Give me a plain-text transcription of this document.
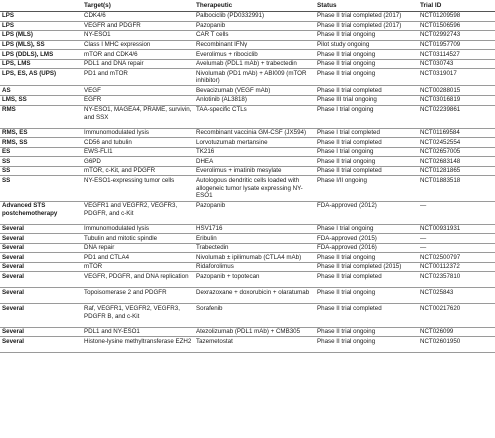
	Target(s)	Therapeutic	Status	Trial ID
LPS	CDK4/6	Palbociclib (PD0332991)	Phase II trial completed (2017)	NCT01209598
LPS	VEGFR and PDGFR	Pazopanib	Phase II trial completed (2017)	NCT01506596
LPS (MLS)	NY-ESO1	CAR T cells	Phase II trial ongoing	NCT02992743
LPS (MLS), SS	Class I MHC expression	Recombinant IFNγ	Pilot study ongoing	NCT01957709
LPS (DDLS), LMS	mTOR and CDK4/6	Everolimus + ribociclib	Phase II trial ongoing	NCT03114527
LPS, LMS	PDL1 and DNA repair	Avelumab (PDL1 mAb) + trabectedin	Phase II trial ongoing	NCT030743
LPS, ES, AS (UPS)	PD1 and mTOR	Nivolumab (PD1 mAb) + ABI009 (mTOR inhibitor)	Phase II trial ongoing	NCT0319017
AS	VEGF	Bevacizumab (VEGF mAb)	Phase II trial completed	NCT00288015
LMS, SS	EGFR	Anlotinib (AL3818)	Phase III trial ongoing	NCT03016819
RMS	NY-ESO1, MAGEA4, PRAME, survivin, and SSX	TAA-specific CTLs	Phase I trial ongoing	NCT02239861
RMS, ES	Immunomodulated lysis	Recombinant vaccinia GM-CSF (JX594)	Phase I trial completed	NCT01169584
RMS, SS	CD56 and tubulin	Lorvotuzumab mertansine	Phase II trial completed	NCT02452554
ES	EWS-FLI1	TK216	Phase I trial ongoing	NCT02657005
SS	G6PD	DHEA	Phase II trial ongoing	NCT02683148
SS	mTOR, c-Kit, and PDGFR	Everolimus + imatinib mesylate	Phase II trial completed	NCT01281865
SS	NY-ESO1-expressing tumor cells	Autologous dendritic cells loaded with allogeneic tumor lysate expressing NY-ESO1	Phase I/II ongoing	NCT01883518
Advanced STS postchemotherapy	VEGFR1 and VEGFR2, VEGFR3, PDGFR, and c-Kit	Pazopanib	FDA-approved (2012)	—
Several	Immunomodulated lysis	HSV1716	Phase I trial ongoing	NCT00931931
Several	Tubulin and mitotic spindle	Eribulin	FDA-approved (2015)	—
Several	DNA repair	Trabectedin	FDA-approved (2016)	—
Several	PD1 and CTLA4	Nivolumab ± ipilimumab (CTLA4 mAb)	Phase II trial ongoing	NCT02500797
Several	mTOR	Ridaforolimus	Phase II trial completed (2015)	NCT00112372
Several	VEGFR, PDGFR, and DNA replication	Pazopanib + topotecan	Phase II trial completed	NCT02357810
Several	Topoisomerase 2 and PDGFR	Dexrazoxane + doxorubicin + olaratumab	Phase II trial ongoing	NCT025843
Several	Raf, VEGFR1, VEGFR2, VEGFR3, PDGFR B, and c-Kit	Sorafenib	Phase II trial completed	NCT00217620
Several	PDL1 and NY-ESO1	Atezolizumab (PDL1 mAb) + CMB305	Phase II trial ongoing	NCT026099
Several	Histone-lysine methyltransferase EZH2	Tazemetostat	Phase II trial ongoing	NCT02601950
